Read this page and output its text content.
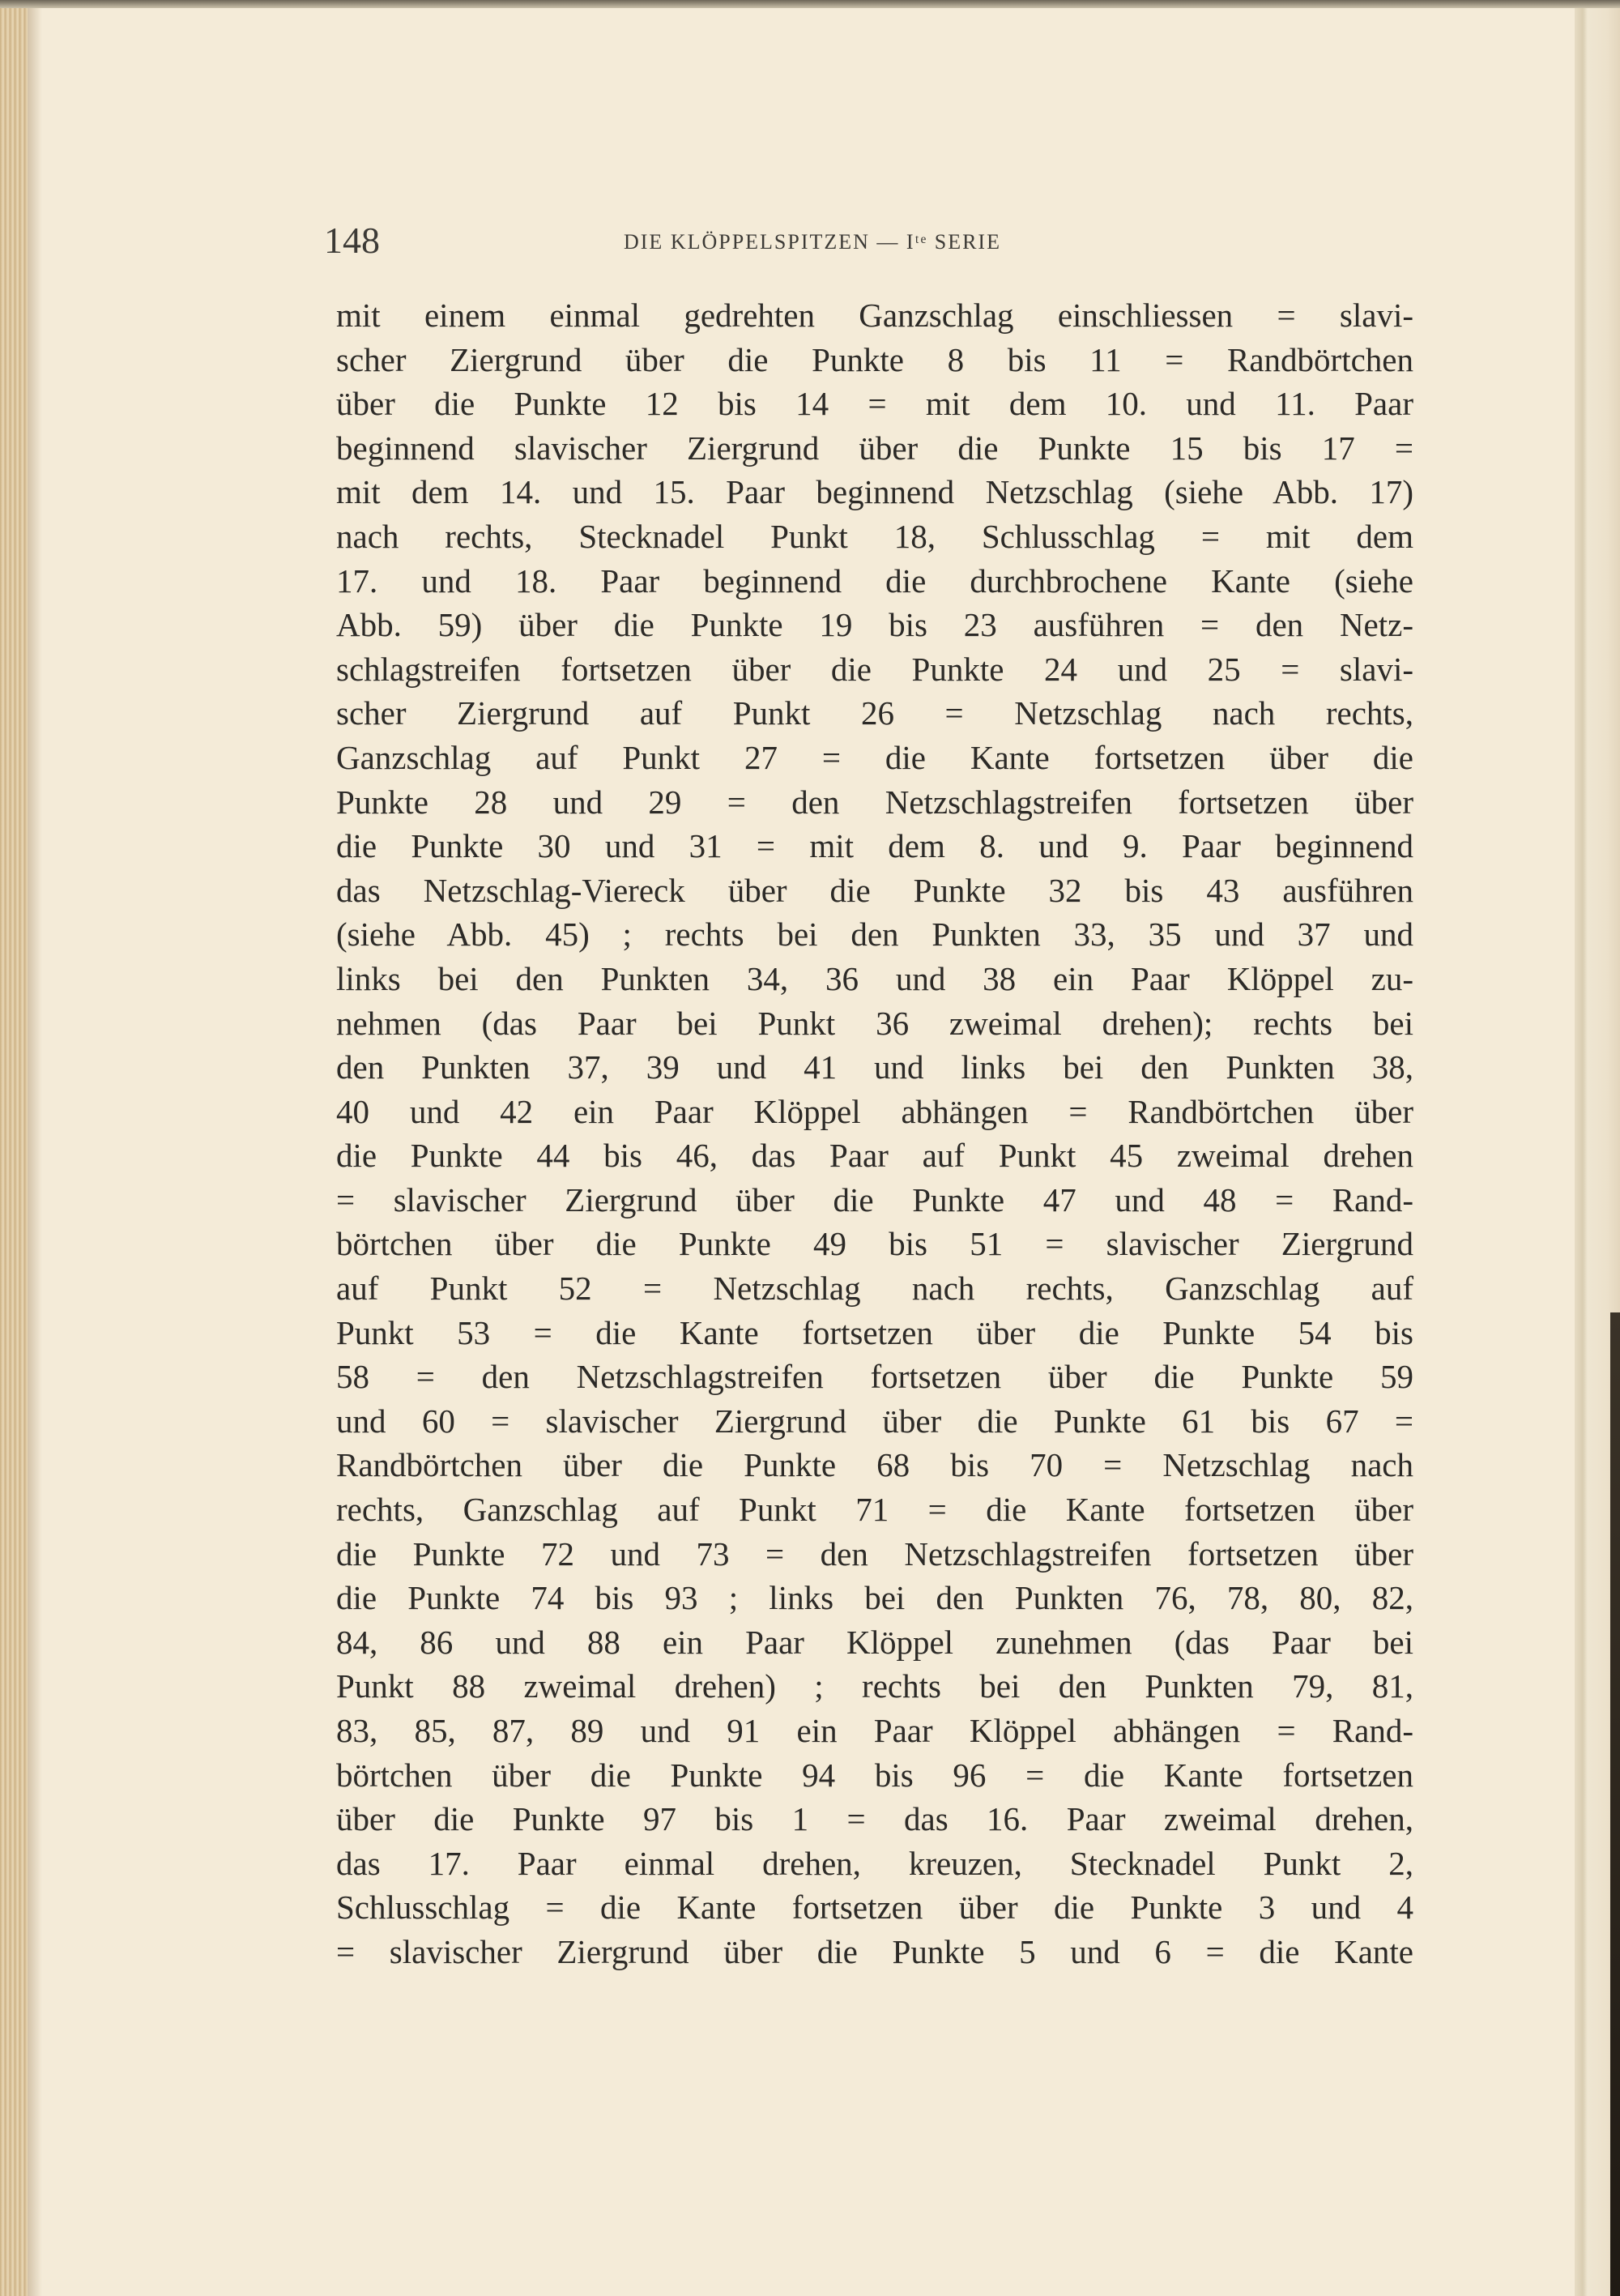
148	DIE KLÖPPELSPITZEN — Iᵗᵉ SERIE
mit einem einmal gedrehten Ganzschlag einschliessen = slavi-
scher Ziergrund über die Punkte 8 bis 11 = Randbörtchen
über die Punkte 12 bis 14 = mit dem 10. und 11. Paar
beginnend slavischer Ziergrund über die Punkte 15 bis 17 =
mit dem 14. und 15. Paar beginnend Netzschlag (siehe Abb. 17)
nach rechts, Stecknadel Punkt 18, Schlusschlag = mit dem
17. und 18. Paar beginnend die durchbrochene Kante (siehe
Abb. 59) über die Punkte 19 bis 23 ausführen = den Netz-
schlagstreifen fortsetzen über die Punkte 24 und 25 = slavi-
scher Ziergrund auf Punkt 26 = Netzschlag nach rechts,
Ganzschlag auf Punkt 27 = die Kante fortsetzen über die
Punkte 28 und 29 = den Netzschlagstreifen fortsetzen über
die Punkte 30 und 31 = mit dem 8. und 9. Paar beginnend
das Netzschlag-Viereck über die Punkte 32 bis 43 ausführen
(siehe Abb. 45) ; rechts bei den Punkten 33, 35 und 37 und
links bei den Punkten 34, 36 und 38 ein Paar Klöppel zu-
nehmen (das Paar bei Punkt 36 zweimal drehen); rechts bei
den Punkten 37, 39 und 41 und links bei den Punkten 38,
40 und 42 ein Paar Klöppel abhängen = Randbörtchen über
die Punkte 44 bis 46, das Paar auf Punkt 45 zweimal drehen
= slavischer Ziergrund über die Punkte 47 und 48 = Rand-
börtchen über die Punkte 49 bis 51 = slavischer Ziergrund
auf Punkt 52 = Netzschlag nach rechts, Ganzschlag auf
Punkt 53 = die Kante fortsetzen über die Punkte 54 bis
58 = den Netzschlagstreifen fortsetzen über die Punkte 59
und 60 = slavischer Ziergrund über die Punkte 61 bis 67 =
Randbörtchen über die Punkte 68 bis 70 = Netzschlag nach
rechts, Ganzschlag auf Punkt 71 = die Kante fortsetzen über
die Punkte 72 und 73 = den Netzschlagstreifen fortsetzen über
die Punkte 74 bis 93 ; links bei den Punkten 76, 78, 80, 82,
84, 86 und 88 ein Paar Klöppel zunehmen (das Paar bei
Punkt 88 zweimal drehen) ; rechts bei den Punkten 79, 81,
83, 85, 87, 89 und 91 ein Paar Klöppel abhängen = Rand-
börtchen über die Punkte 94 bis 96 = die Kante fortsetzen
über die Punkte 97 bis 1 = das 16. Paar zweimal drehen,
das 17. Paar einmal drehen, kreuzen, Stecknadel Punkt 2,
Schlusschlag = die Kante fortsetzen über die Punkte 3 und 4
= slavischer Ziergrund über die Punkte 5 und 6 = die Kante
